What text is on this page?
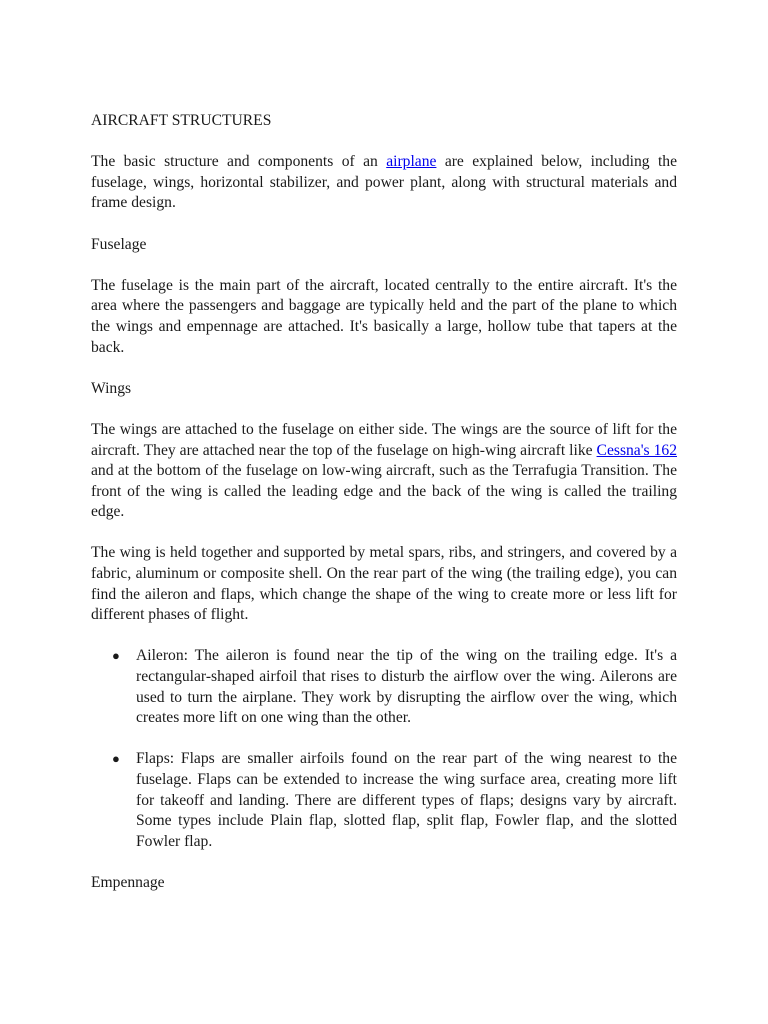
AIRCRAFT STRUCTURES

The basic structure and components of an airplane are explained below, including the fuselage, wings, horizontal stabilizer, and power plant, along with structural materials and frame design.

Fuselage

The fuselage is the main part of the aircraft, located centrally to the entire aircraft. It's the area where the passengers and baggage are typically held and the part of the plane to which the wings and empennage are attached. It's basically a large, hollow tube that tapers at the back.

Wings

The wings are attached to the fuselage on either side. The wings are the source of lift for the aircraft. They are attached near the top of the fuselage on high-wing aircraft like Cessna's 162 and at the bottom of the fuselage on low-wing aircraft, such as the Terrafugia Transition. The front of the wing is called the leading edge and the back of the wing is called the trailing edge.

The wing is held together and supported by metal spars, ribs, and stringers, and covered by a fabric, aluminum or composite shell. On the rear part of the wing (the trailing edge), you can find the aileron and flaps, which change the shape of the wing to create more or less lift for different phases of flight.

● Aileron: The aileron is found near the tip of the wing on the trailing edge. It's a rectangular-shaped airfoil that rises to disturb the airflow over the wing. Ailerons are used to turn the airplane. They work by disrupting the airflow over the wing, which creates more lift on one wing than the other.
● Flaps: Flaps are smaller airfoils found on the rear part of the wing nearest to the fuselage. Flaps can be extended to increase the wing surface area, creating more lift for takeoff and landing. There are different types of flaps; designs vary by aircraft. Some types include Plain flap, slotted flap, split flap, Fowler flap, and the slotted Fowler flap.

Empennage
